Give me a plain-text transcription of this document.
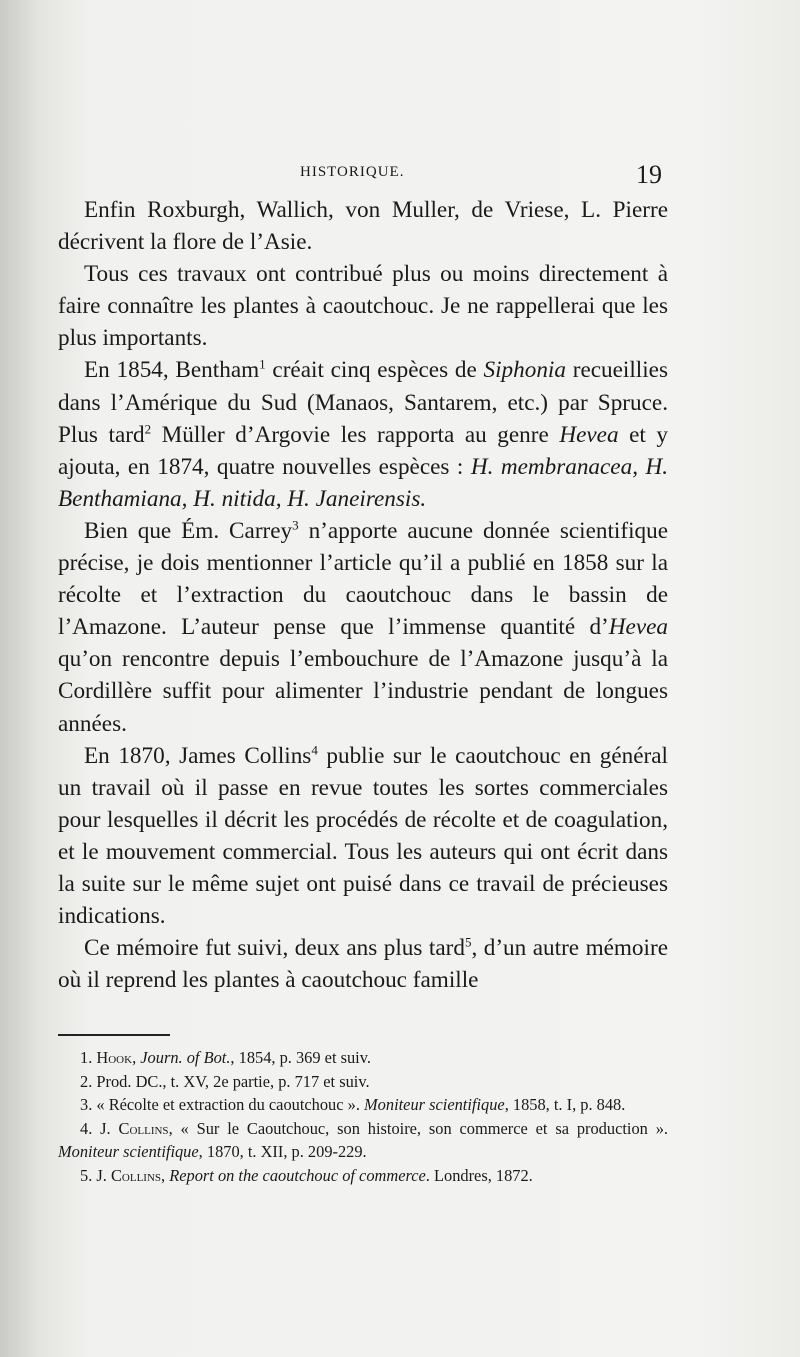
HISTORIQUE.	19

Enfin Roxburgh, Wallich, von Muller, de Vriese, L. Pierre décrivent la flore de l’Asie.

Tous ces travaux ont contribué plus ou moins directement à faire connaître les plantes à caoutchouc. Je ne rappellerai que les plus importants.

En 1854, Bentham$^1$ créait cinq espèces de Siphonia recueillies dans l’Amérique du Sud (Manaos, Santarem, etc.) par Spruce. Plus tard$^2$ Müller d’Argovie les rapporta au genre Hevea et y ajouta, en 1874, quatre nouvelles espèces : H. membranacea, H. Benthamiana, H. nitida, H. Janeirensis.

Bien que Ém. Carrey$^3$ n’apporte aucune donnée scientifique précise, je dois mentionner l’article qu’il a publié en 1858 sur la récolte et l’extraction du caoutchouc dans le bassin de l’Amazone. L’auteur pense que l’immense quantité d’Hevea qu’on rencontre depuis l’embouchure de l’Amazone jusqu’à la Cordillère suffit pour alimenter l’industrie pendant de longues années.

En 1870, James Collins$^4$ publie sur le caoutchouc en général un travail où il passe en revue toutes les sortes commerciales pour lesquelles il décrit les procédés de récolte et de coagulation, et le mouvement commercial. Tous les auteurs qui ont écrit dans la suite sur le même sujet ont puisé dans ce travail de précieuses indications.

Ce mémoire fut suivi, deux ans plus tard$^5$, d’un autre mémoire où il reprend les plantes à caoutchouc famille

1. Hook, Journ. of Bot., 1854, p. 369 et suiv.

2. Prod. DC., t. XV, 2e partie, p. 717 et suiv.

3. « Récolte et extraction du caoutchouc ». Moniteur scientifique, 1858, t. I, p. 848.

4. J. Collins, « Sur le Caoutchouc, son histoire, son commerce et sa production ». Moniteur scientifique, 1870, t. XII, p. 209-229.

5. J. Collins, Report on the caoutchouc of commerce. Londres, 1872.
